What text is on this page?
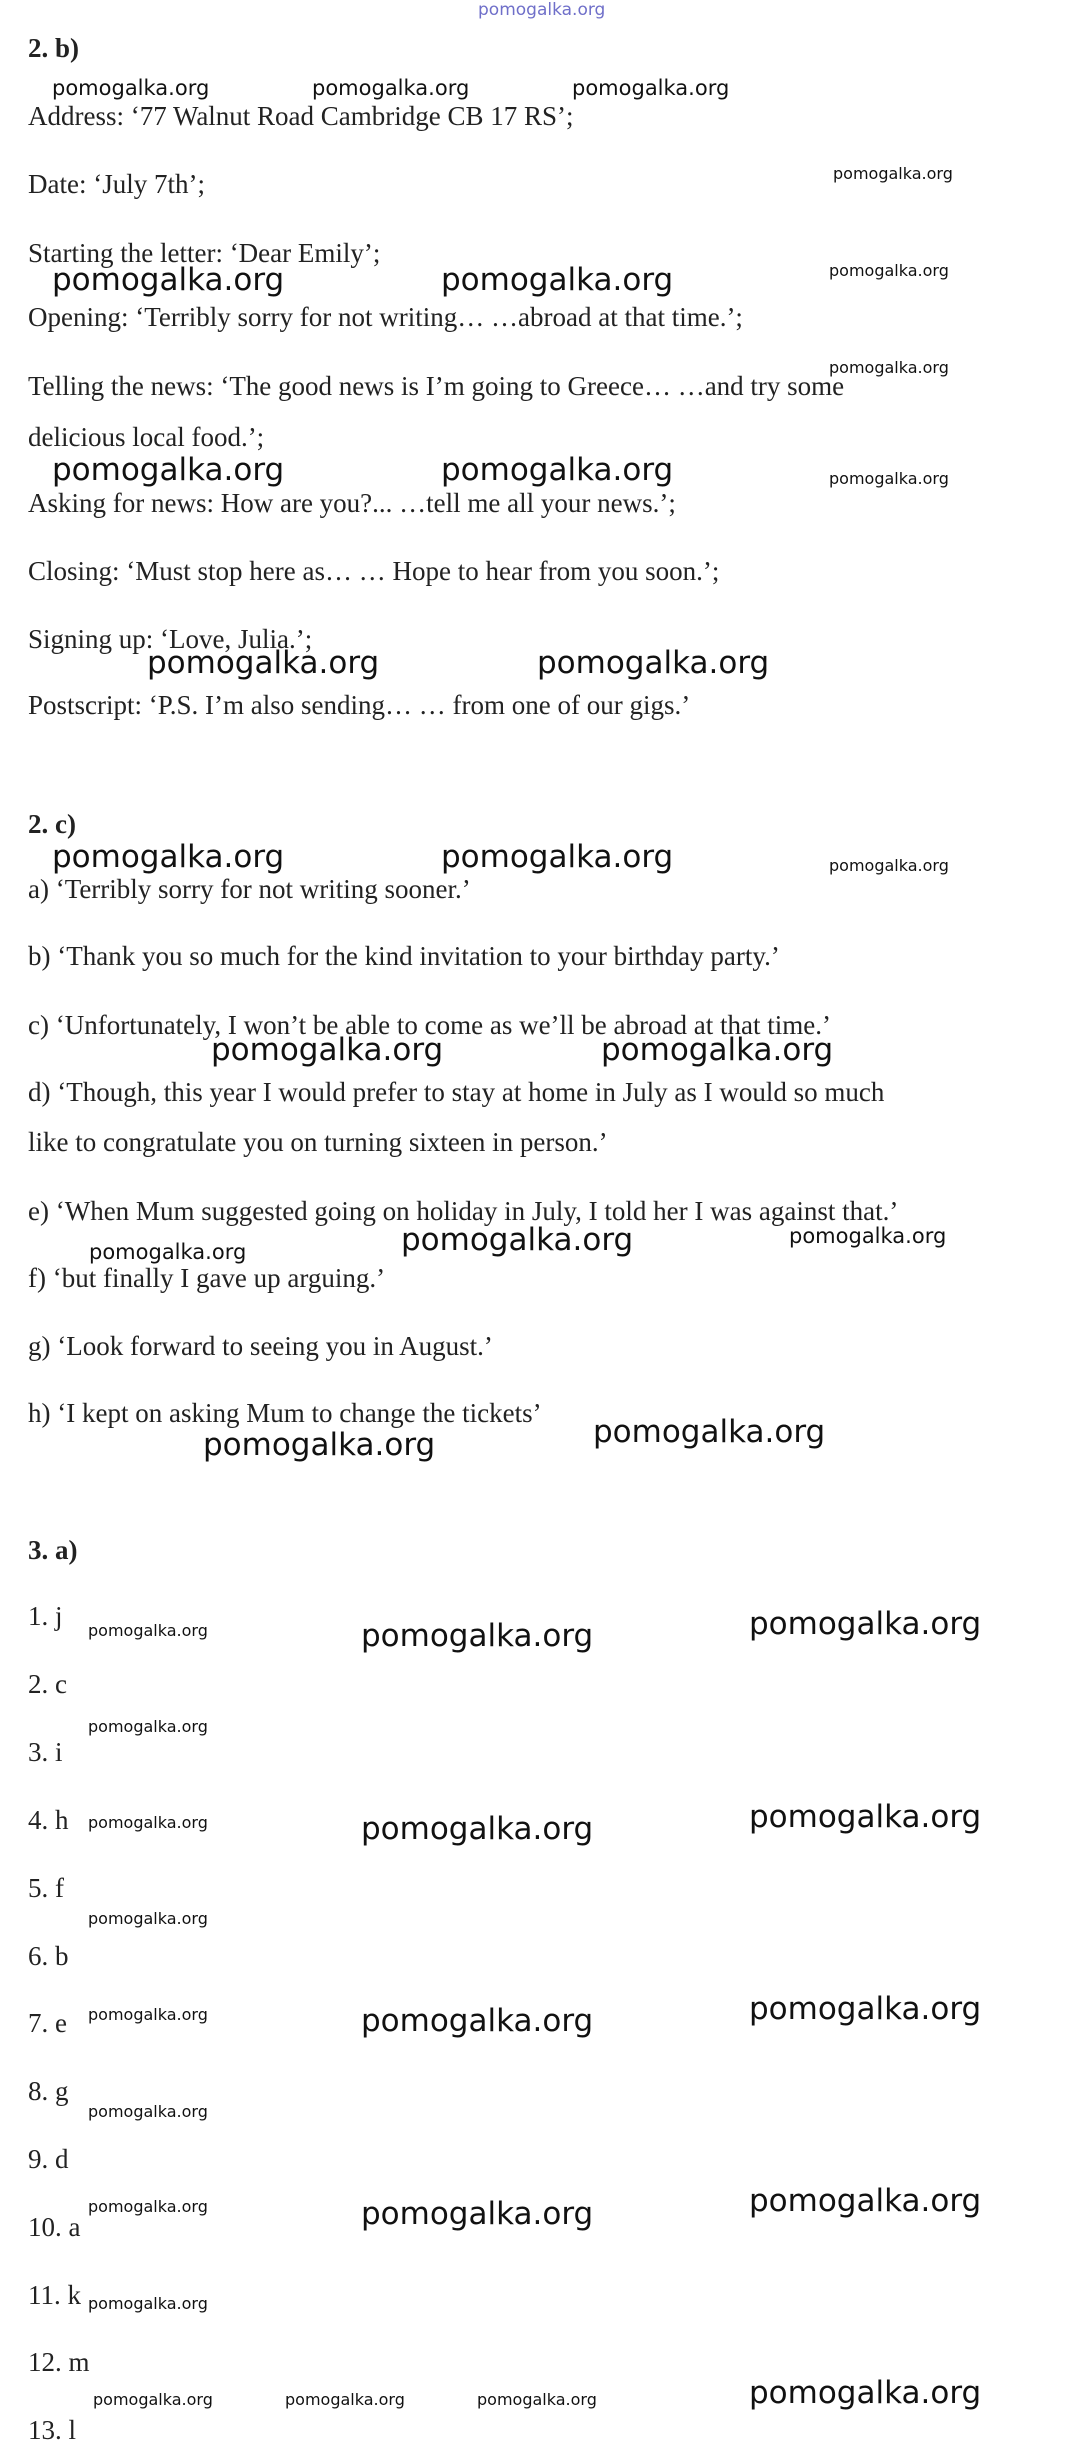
pomogalka.org
2. b)
Address: ‘77 Walnut Road Cambridge CB 17 RS’;
Date: ‘July 7th’;
Starting the letter: ‘Dear Emily’;
Opening: ‘Terribly sorry for not writing… …abroad at that time.’;
Telling the news: ‘The good news is I’m going to Greece… …and try some
delicious local food.’;
Asking for news: How are you?... …tell me all your news.’;
Closing: ‘Must stop here as… … Hope to hear from you soon.’;
Signing up: ‘Love, Julia.’;
Postscript: ‘P.S. I’m also sending… … from one of our gigs.’
2. c)
a) ‘Terribly sorry for not writing sooner.’
b) ‘Thank you so much for the kind invitation to your birthday party.’
c) ‘Unfortunately, I won’t be able to come as we’ll be abroad at that time.’
d) ‘Though, this year I would prefer to stay at home in July as I would so much
like to congratulate you on turning sixteen in person.’
e) ‘When Mum suggested going on holiday in July, I told her I was against that.’
f) ‘but finally I gave up arguing.’
g) ‘Look forward to seeing you in August.’
h) ‘I kept on asking Mum to change the tickets’
3. a)
1. j
2. c
3. i
4. h
5. f
6. b
7. e
8. g
9. d
10. a
11. k
12. m
13. l
pomogalka.org	pomogalka.org	pomogalka.org
pomogalka.org
pomogalka.org
pomogalka.org	pomogalka.org
pomogalka.org
pomogalka.org	pomogalka.org	pomogalka.org
pomogalka.org	pomogalka.org
pomogalka.org	pomogalka.org	pomogalka.org
pomogalka.org	pomogalka.org
pomogalka.org	pomogalka.org	pomogalka.org
pomogalka.org
pomogalka.org
pomogalka.org	pomogalka.org	pomogalka.org
pomogalka.org
pomogalka.org	pomogalka.org	pomogalka.org
pomogalka.org
pomogalka.org	pomogalka.org	pomogalka.org
pomogalka.org
pomogalka.org	pomogalka.org	pomogalka.org
pomogalka.org
pomogalka.org	pomogalka.org	pomogalka.org	pomogalka.org
